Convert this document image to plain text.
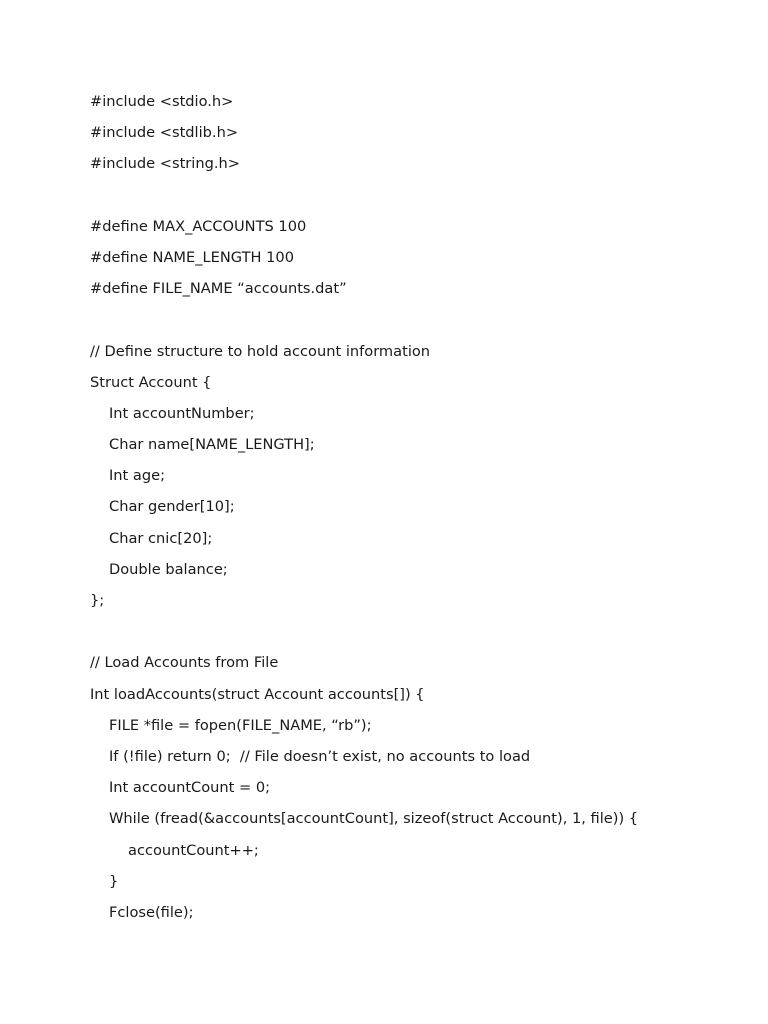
#include <stdio.h>
#include <stdlib.h>
#include <string.h>
#define MAX_ACCOUNTS 100
#define NAME_LENGTH 100
#define FILE_NAME “accounts.dat”
// Define structure to hold account information
Struct Account {
Int accountNumber;
Char name[NAME_LENGTH];
Int age;
Char gender[10];
Char cnic[20];
Double balance;
};
// Load Accounts from File
Int loadAccounts(struct Account accounts[]) {
FILE *file = fopen(FILE_NAME, “rb”);
If (!file) return 0;  // File doesn’t exist, no accounts to load
Int accountCount = 0;
While (fread(&accounts[accountCount], sizeof(struct Account), 1, file)) {
accountCount++;
}
Fclose(file);
